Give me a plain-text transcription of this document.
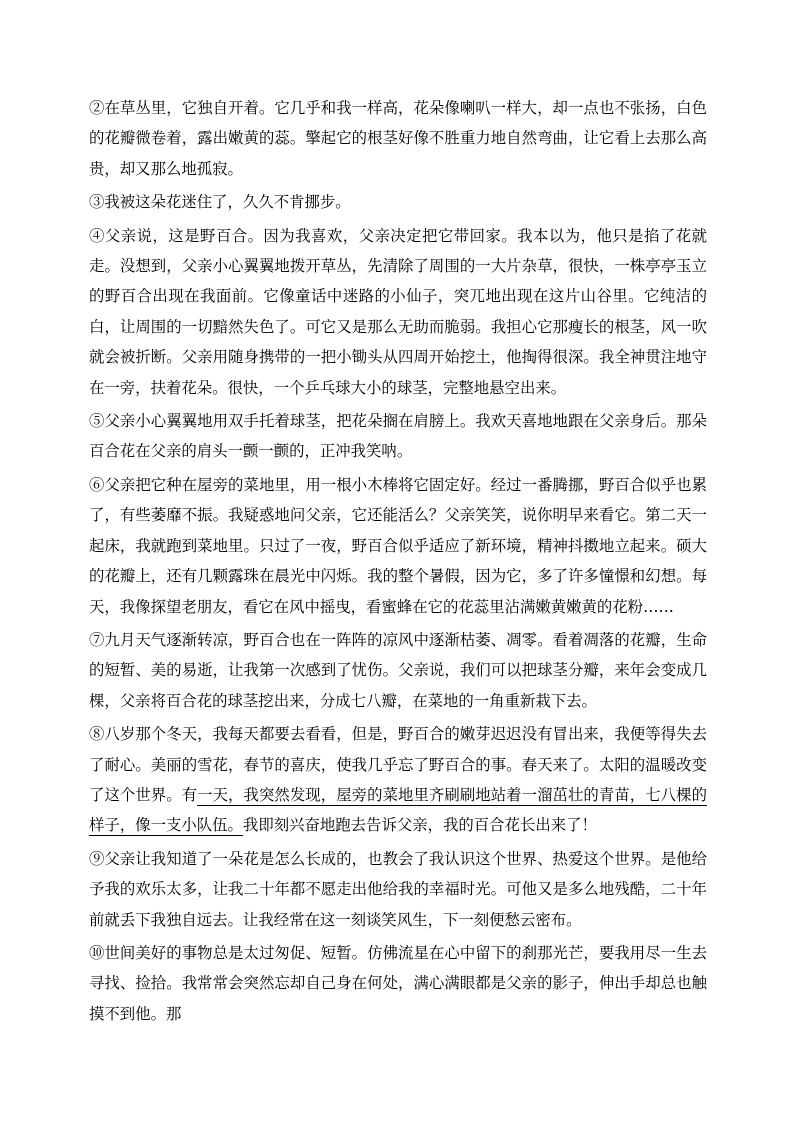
②在草丛里，它独自开着。它几乎和我一样高，花朵像喇叭一样大，却一点也不张扬，白色的花瓣微卷着，露出嫩黄的蕊。擎起它的根茎好像不胜重力地自然弯曲，让它看上去那么高贵，却又那么地孤寂。

③我被这朵花迷住了，久久不肯挪步。

④父亲说，这是野百合。因为我喜欢，父亲决定把它带回家。我本以为，他只是掐了花就走。没想到，父亲小心翼翼地拨开草丛，先清除了周围的一大片杂草，很快，一株亭亭玉立的野百合出现在我面前。它像童话中迷路的小仙子，突兀地出现在这片山谷里。它纯洁的白，让周围的一切黯然失色了。可它又是那么无助而脆弱。我担心它那瘦长的根茎，风一吹就会被折断。父亲用随身携带的一把小锄头从四周开始挖土，他掏得很深。我全神贯注地守在一旁，扶着花朵。很快，一个乒乓球大小的球茎，完整地悬空出来。

⑤父亲小心翼翼地用双手托着球茎，把花朵搁在肩膀上。我欢天喜地地跟在父亲身后。那朵百合花在父亲的肩头一颤一颤的，正冲我笑呐。

⑥父亲把它种在屋旁的菜地里，用一根小木棒将它固定好。经过一番腾挪，野百合似乎也累了，有些萎靡不振。我疑惑地问父亲，它还能活么？父亲笑笑，说你明早来看它。第二天一起床，我就跑到菜地里。只过了一夜，野百合似乎适应了新环境，精神抖擞地立起来。硕大的花瓣上，还有几颗露珠在晨光中闪烁。我的整个暑假，因为它，多了许多憧憬和幻想。每天，我像探望老朋友，看它在风中摇曳，看蜜蜂在它的花蕊里沾满嫩黄嫩黄的花粉……

⑦九月天气逐渐转凉，野百合也在一阵阵的凉风中逐渐枯萎、凋零。看着凋落的花瓣，生命的短暂、美的易逝，让我第一次感到了忧伤。父亲说，我们可以把球茎分瓣，来年会变成几棵，父亲将百合花的球茎挖出来，分成七八瓣，在菜地的一角重新栽下去。

⑧八岁那个冬天，我每天都要去看看，但是，野百合的嫩芽迟迟没有冒出来，我便等得失去了耐心。美丽的雪花，春节的喜庆，使我几乎忘了野百合的事。春天来了。太阳的温暖改变了这个世界。有一天，我突然发现，屋旁的菜地里齐刷刷地站着一溜茁壮的青苗，七八棵的样子，像一支小队伍。我即刻兴奋地跑去告诉父亲，我的百合花长出来了！

⑨父亲让我知道了一朵花是怎么长成的，也教会了我认识这个世界、热爱这个世界。是他给予我的欢乐太多，让我二十年都不愿走出他给我的幸福时光。可他又是多么地残酷，二十年前就丢下我独自远去。让我经常在这一刻谈笑风生，下一刻便愁云密布。

⑩世间美好的事物总是太过匆促、短暂。仿佛流星在心中留下的刹那光芒，要我用尽一生去寻找、捡拾。我常常会突然忘却自己身在何处，满心满眼都是父亲的影子，伸出手却总也触摸不到他。那
